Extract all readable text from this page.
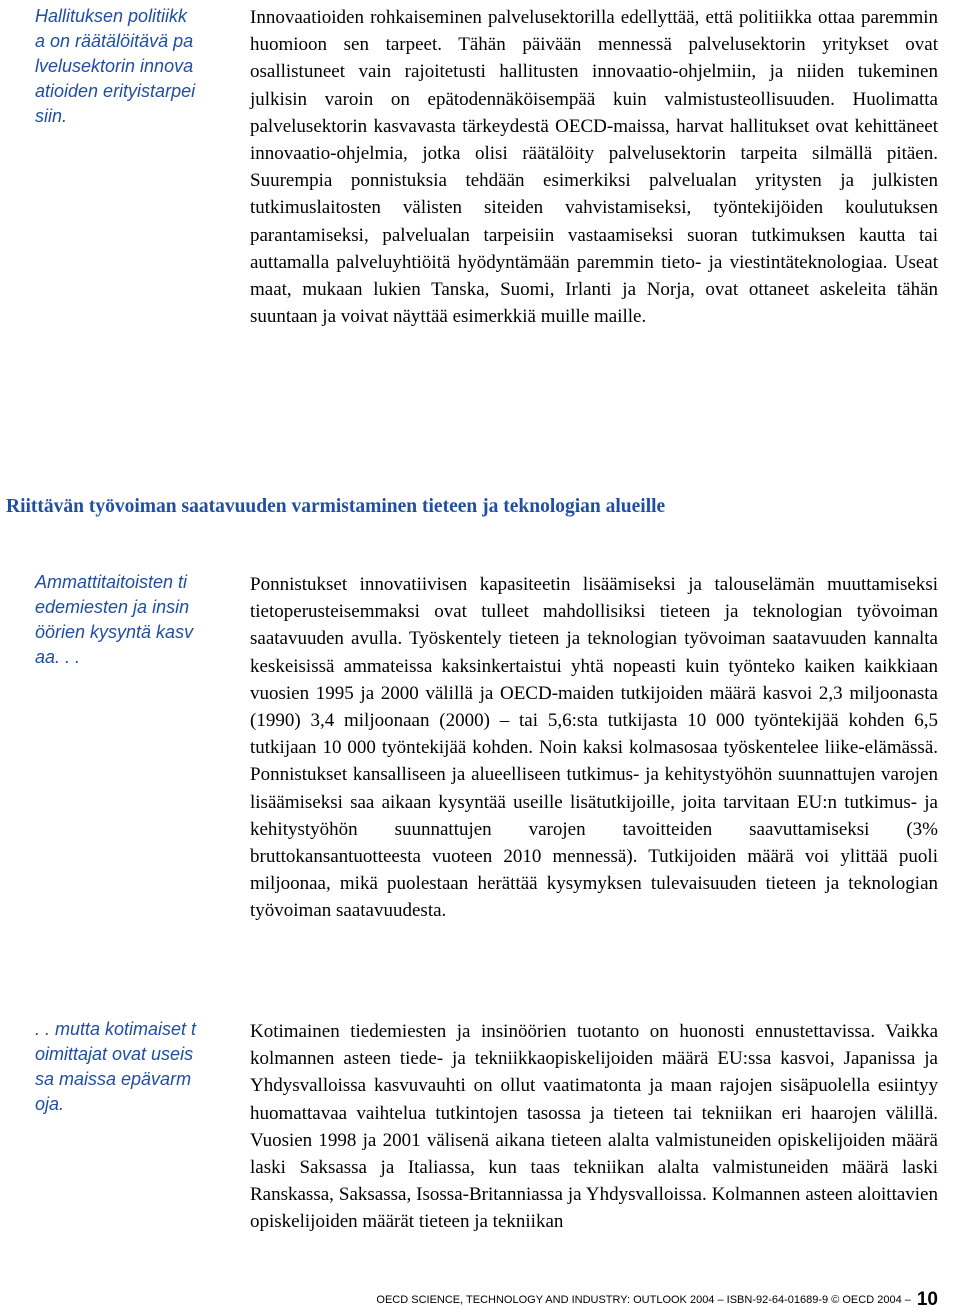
Hallituksen politiikka on räätälöitävä palvelusektorin innovaatioiden erityistarpeisiin.

Innovaatioiden rohkaiseminen palvelusektorilla edellyttää, että politiikka ottaa paremmin huomioon sen tarpeet. Tähän päivään mennessä palvelusektorin yritykset ovat osallistuneet vain rajoitetusti hallitusten innovaatio-ohjelmiin, ja niiden tukeminen julkisin varoin on epätodennäköisempää kuin valmistusteollisuuden. Huolimatta palvelusektorin kasvavasta tärkeydestä OECD-maissa, harvat hallitukset ovat kehittäneet innovaatio-ohjelmia, jotka olisi räätälöity palvelusektorin tarpeita silmällä pitäen. Suurempia ponnistuksia tehdään esimerkiksi palvelualan yritysten ja julkisten tutkimuslaitosten välisten siteiden vahvistamiseksi, työntekijöiden koulutuksen parantamiseksi, palvelualan tarpeisiin vastaamiseksi suoran tutkimuksen kautta tai auttamalla palveluyhtiöitä hyödyntämään paremmin tieto- ja viestintäteknologiaa. Useat maat, mukaan lukien Tanska, Suomi, Irlanti ja Norja, ovat ottaneet askeleita tähän suuntaan ja voivat näyttää esimerkkiä muille maille.

Riittävän työvoiman saatavuuden varmistaminen tieteen ja teknologian alueille

Ammattitaitoisten tiedemiesten ja insinöörien kysyntä kasvaa. . .

Ponnistukset innovatiivisen kapasiteetin lisäämiseksi ja talouselämän muuttamiseksi tietoperusteisemmaksi ovat tulleet mahdollisiksi tieteen ja teknologian työvoiman saatavuuden avulla. Työskentely tieteen ja teknologian työvoiman saatavuuden kannalta keskeisissä ammateissa kaksinkertaistui yhtä nopeasti kuin työnteko kaiken kaikkiaan vuosien 1995 ja 2000 välillä ja OECD-maiden tutkijoiden määrä kasvoi 2,3 miljoonasta (1990) 3,4 miljoonaan (2000) – tai 5,6:sta tutkijasta 10 000 työntekijää kohden 6,5 tutkijaan 10 000 työntekijää kohden. Noin kaksi kolmasosaa työskentelee liike-elämässä. Ponnistukset kansalliseen ja alueelliseen tutkimus- ja kehitystyöhön suunnattujen varojen lisäämiseksi saa aikaan kysyntää useille lisätutkijoille, joita tarvitaan EU:n tutkimus- ja kehitystyöhön suunnattujen varojen tavoitteiden saavuttamiseksi (3% bruttokansantuotteesta vuoteen 2010 mennessä). Tutkijoiden määrä voi ylittää puoli miljoonaa, mikä puolestaan herättää kysymyksen tulevaisuuden tieteen ja teknologian työvoiman saatavuudesta.

. . mutta kotimaiset toimittajat ovat useissa maissa epävarmoja.

Kotimainen tiedemiesten ja insinöörien tuotanto on huonosti ennustettavissa. Vaikka kolmannen asteen tiede- ja tekniikkaopiskelijoiden määrä EU:ssa kasvoi, Japanissa ja Yhdysvalloissa kasvuvauhti on ollut vaatimatonta ja maan rajojen sisäpuolella esiintyy huomattavaa vaihtelua tutkintojen tasossa ja tieteen tai tekniikan eri haarojen välillä. Vuosien 1998 ja 2001 välisenä aikana tieteen alalta valmistuneiden opiskelijoiden määrä laski Saksassa ja Italiassa, kun taas tekniikan alalta valmistuneiden määrä laski Ranskassa, Saksassa, Isossa-Britanniassa ja Yhdysvalloissa. Kolmannen asteen aloittavien opiskelijoiden määrät tieteen ja tekniikan

OECD SCIENCE, TECHNOLOGY AND INDUSTRY: OUTLOOK 2004 – ISBN-92-64-01689-9 © OECD 2004 – 10
